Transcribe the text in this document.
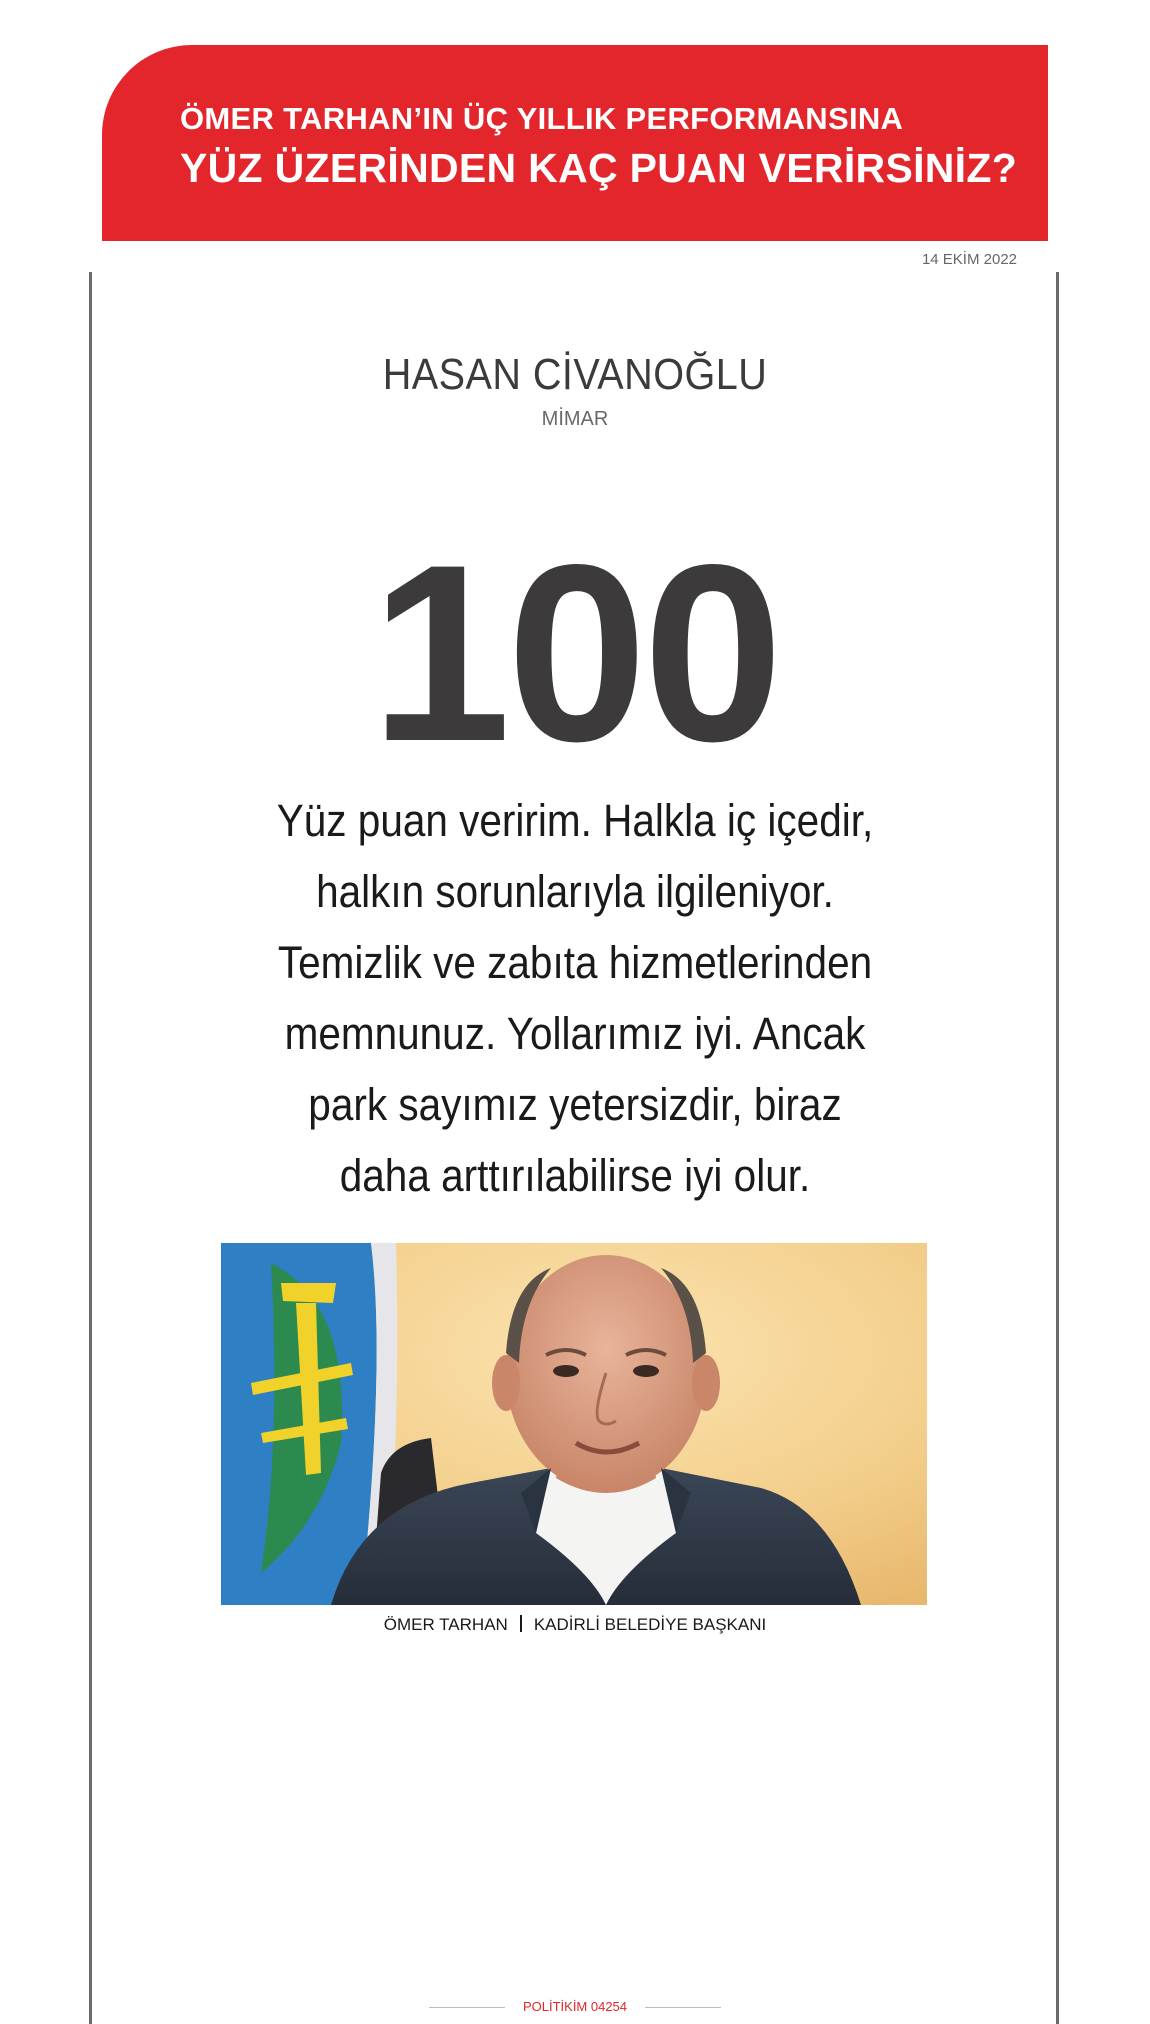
ÖMER TARHAN’IN ÜÇ YILLIK PERFORMANSINA
YÜZ ÜZERİNDEN KAÇ PUAN VERİRSİNİZ?
14 EKİM 2022
HASAN CİVANOĞLU
MİMAR
100
Yüz puan veririm. Halkla iç içedir, halkın sorunlarıyla ilgileniyor. Temizlik ve zabıta hizmetlerinden memnunuz. Yollarımız iyi. Ancak park sayımız yetersizdir, biraz daha arttırılabilirse iyi olur.
ÖMER TARHAN KADİRLİ BELEDİYE BAŞKANI
POLİTİKİM 04254
